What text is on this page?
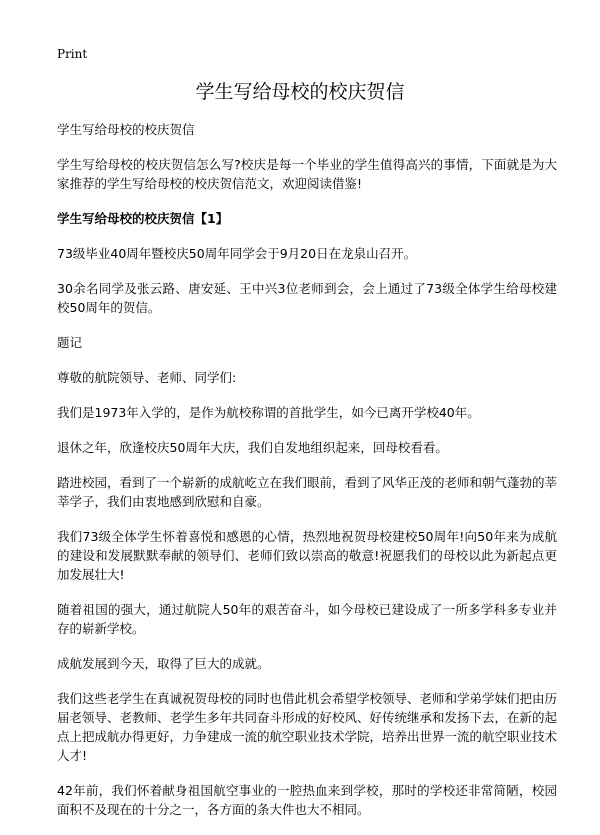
Print
学生写给母校的校庆贺信

学生写给母校的校庆贺信

学生写给母校的校庆贺信怎么写?校庆是每一个毕业的学生值得高兴的事情，下面就是为大家推荐的学生写给母校的校庆贺信范文，欢迎阅读借鉴!

学生写给母校的校庆贺信【1】

73级毕业40周年暨校庆50周年同学会于9月20日在龙泉山召开。

30余名同学及张云路、唐安延、王中兴3位老师到会，会上通过了73级全体学生给母校建校50周年的贺信。

题记

尊敬的航院领导、老师、同学们:

我们是1973年入学的，是作为航校称谓的首批学生，如今已离开学校40年。

退休之年，欣逢校庆50周年大庆，我们自发地组织起来，回母校看看。

踏进校园，看到了一个崭新的成航屹立在我们眼前，看到了风华正茂的老师和朝气蓬勃的莘莘学子，我们由衷地感到欣慰和自豪。

我们73级全体学生怀着喜悦和感恩的心情，热烈地祝贺母校建校50周年!向50年来为成航的建设和发展默默奉献的领导们、老师们致以崇高的敬意!祝愿我们的母校以此为新起点更加发展壮大!

随着祖国的强大，通过航院人50年的艰苦奋斗，如今母校已建设成了一所多学科多专业并存的崭新学校。

成航发展到今天，取得了巨大的成就。

我们这些老学生在真诚祝贺母校的同时也借此机会希望学校领导、老师和学弟学妹们把由历届老领导、老教师、老学生多年共同奋斗形成的好校风、好传统继承和发扬下去，在新的起点上把成航办得更好，力争建成一流的航空职业技术学院，培养出世界一流的航空职业技术人才!

42年前，我们怀着献身祖国航空事业的一腔热血来到学校，那时的学校还非常简陋，校园面积不及现在的十分之一，各方面的条大件也大不相同。
